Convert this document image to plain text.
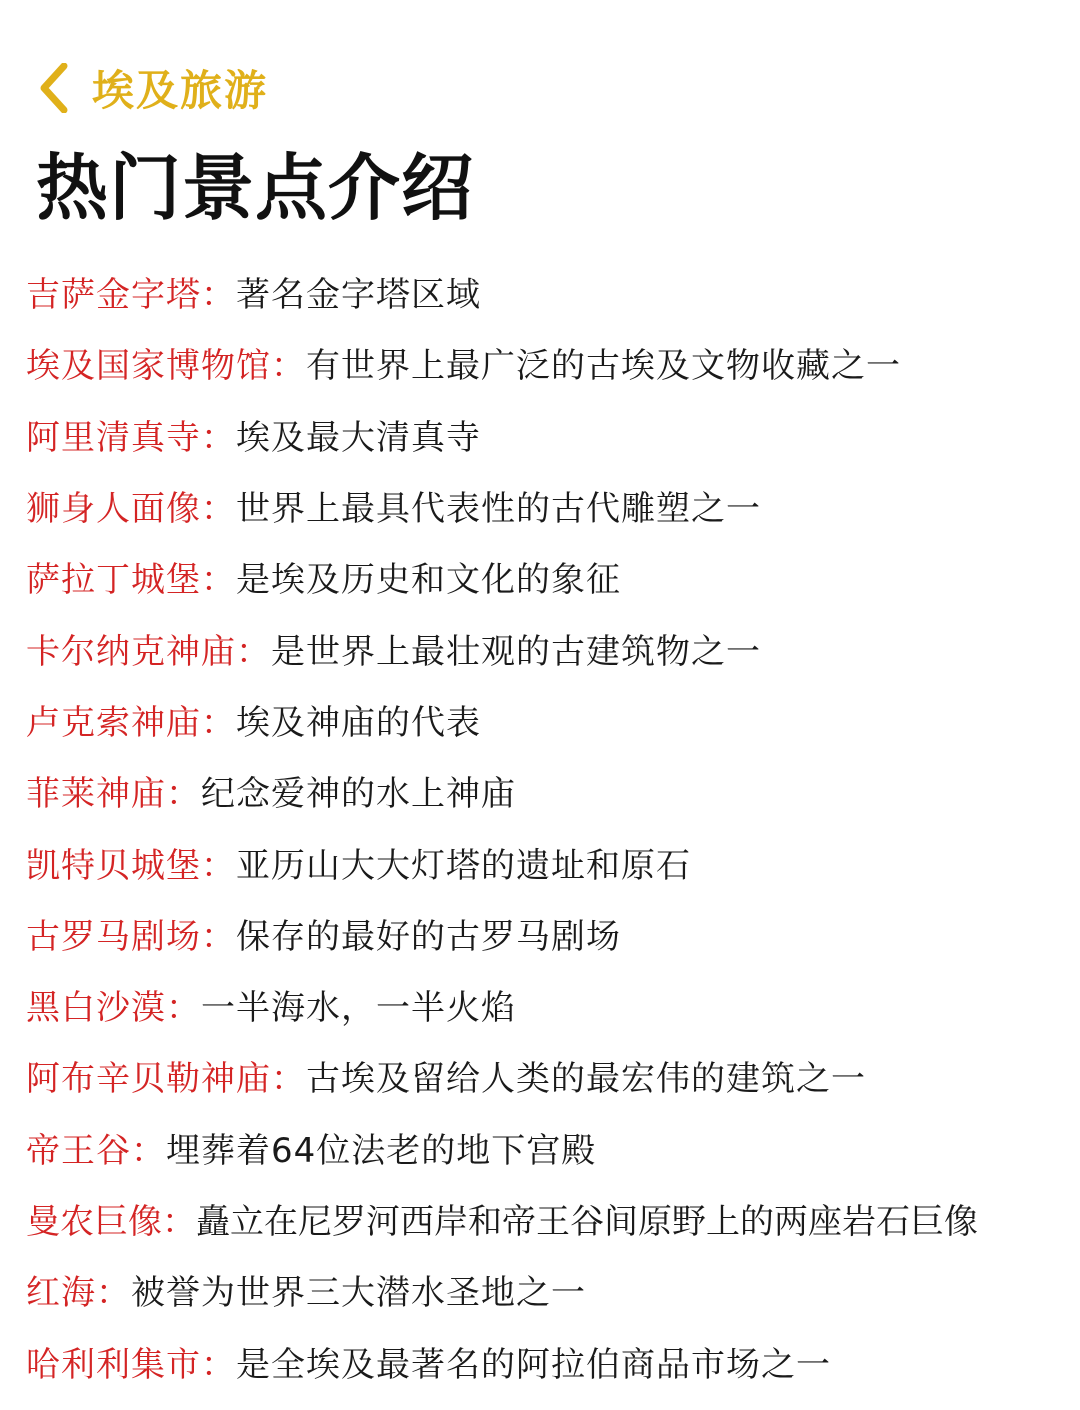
埃及旅游
热门景点介绍
吉萨金字塔 ： 著名金字塔区域
埃及国家博物馆 ： 有世界上最广泛的古埃及文物收藏之一
阿里清真寺 ： 埃及最大清真寺
狮身人面像 ： 世界上最具代表性的古代雕塑之一
萨拉丁城堡 ： 是埃及历史和文化的象征
卡尔纳克神庙 ： 是世界上最壮观的古建筑物之一
卢克索神庙 ： 埃及神庙的代表
菲莱神庙 ： 纪念爱神的水上神庙
凯特贝城堡 ： 亚历山大大灯塔的遗址和原石
古罗马剧场 ： 保存的最好的古罗马剧场
黑白沙漠 ： 一半海水，一半火焰
阿布辛贝勒神庙 ： 古埃及留给人类的最宏伟的建筑之一
帝王谷 ： 埋葬着64位法老的地下宫殿
曼农巨像 ： 矗立在尼罗河西岸和帝王谷间原野上的两座岩石巨像
红海 ： 被誉为世界三大潜水圣地之一
哈利利集市 ： 是全埃及最著名的阿拉伯商品市场之一
